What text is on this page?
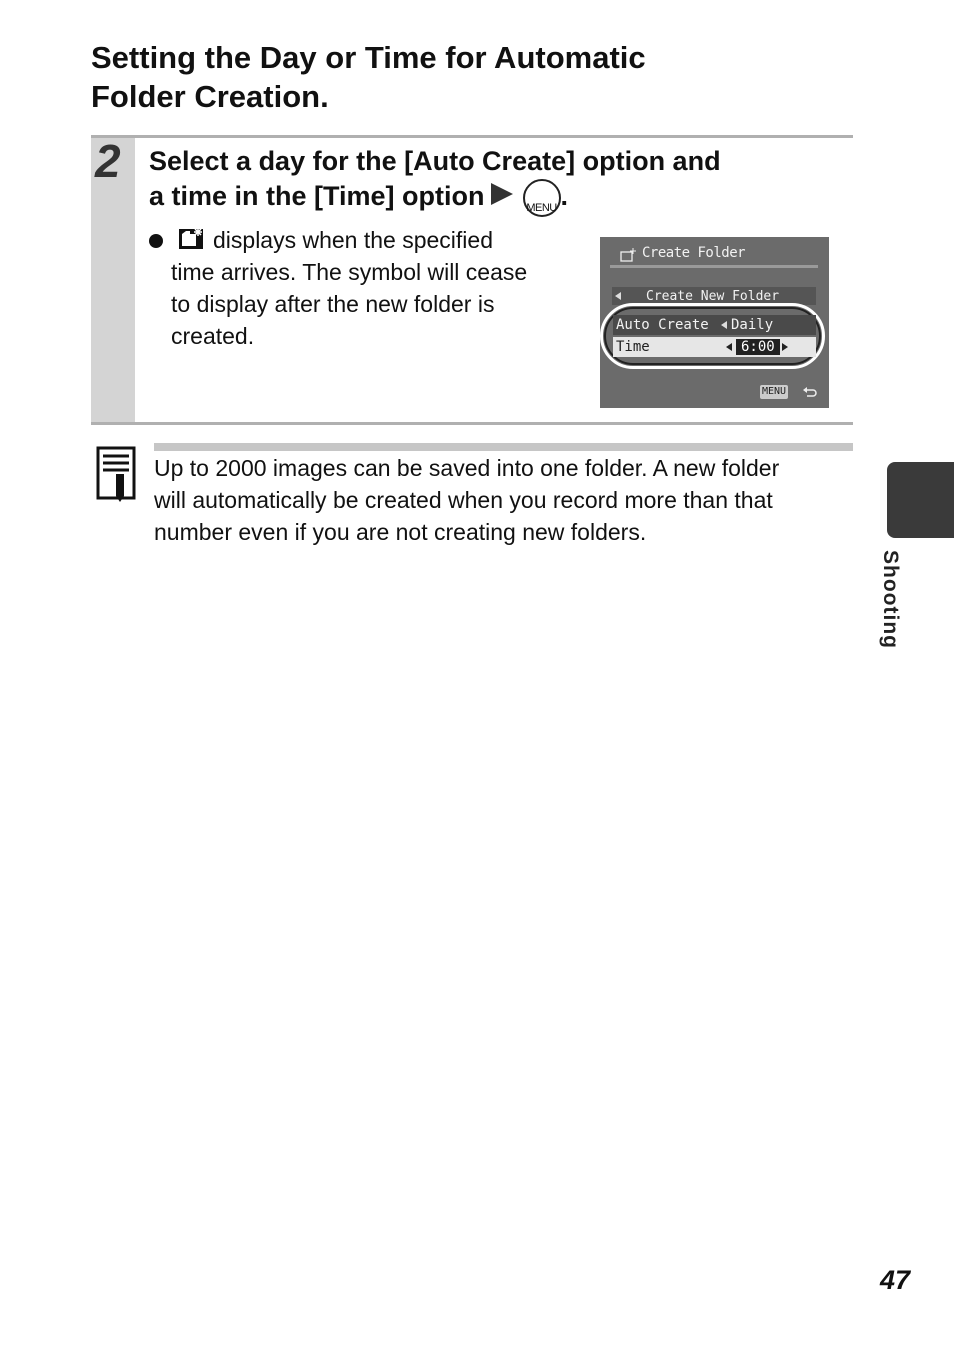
Setting the Day or Time for Automatic
Folder Creation.
2 Select a day for the [Auto Create] option and
a time in the [Time] option	MENU .
displays when the specified
time arrives. The symbol will cease
to display after the new folder is
created.
Create Folder
Create New Folder
Auto Create Daily
Time	6:00
MENU
Up to 2000 images can be saved into one folder. A new folder
will automatically be created when you record more than that
number even if you are not creating new folders.
Shooting
47
